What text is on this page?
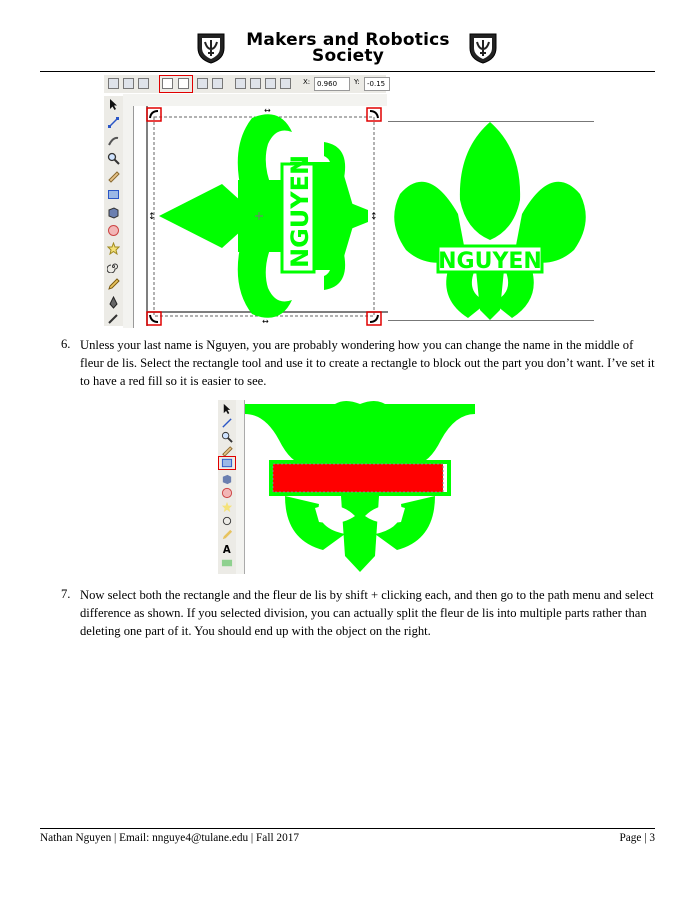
Makers and Robotics
Society
X: 0.960	Y:	-0.15
NGUYEN
↔
↔
↕	↕
NGUYEN
6. Unless your last name is Nguyen, you are probably wondering how you can change the name in the middle of fleur de lis. Select the rectangle tool and use it to create a rectangle to block out the part you don’t want. I’ve set it to have a red fill so it is easier to see.
A
7. Now select both the rectangle and the fleur de lis by shift + clicking each, and then go to the path menu and select difference as shown. If you selected division, you can actually split the fleur de lis into multiple parts rather than deleting one part of it. You should end up with the object on the right.
Nathan Nguyen | Email: nnguye4@tulane.edu | Fall 2017	Page | 3
